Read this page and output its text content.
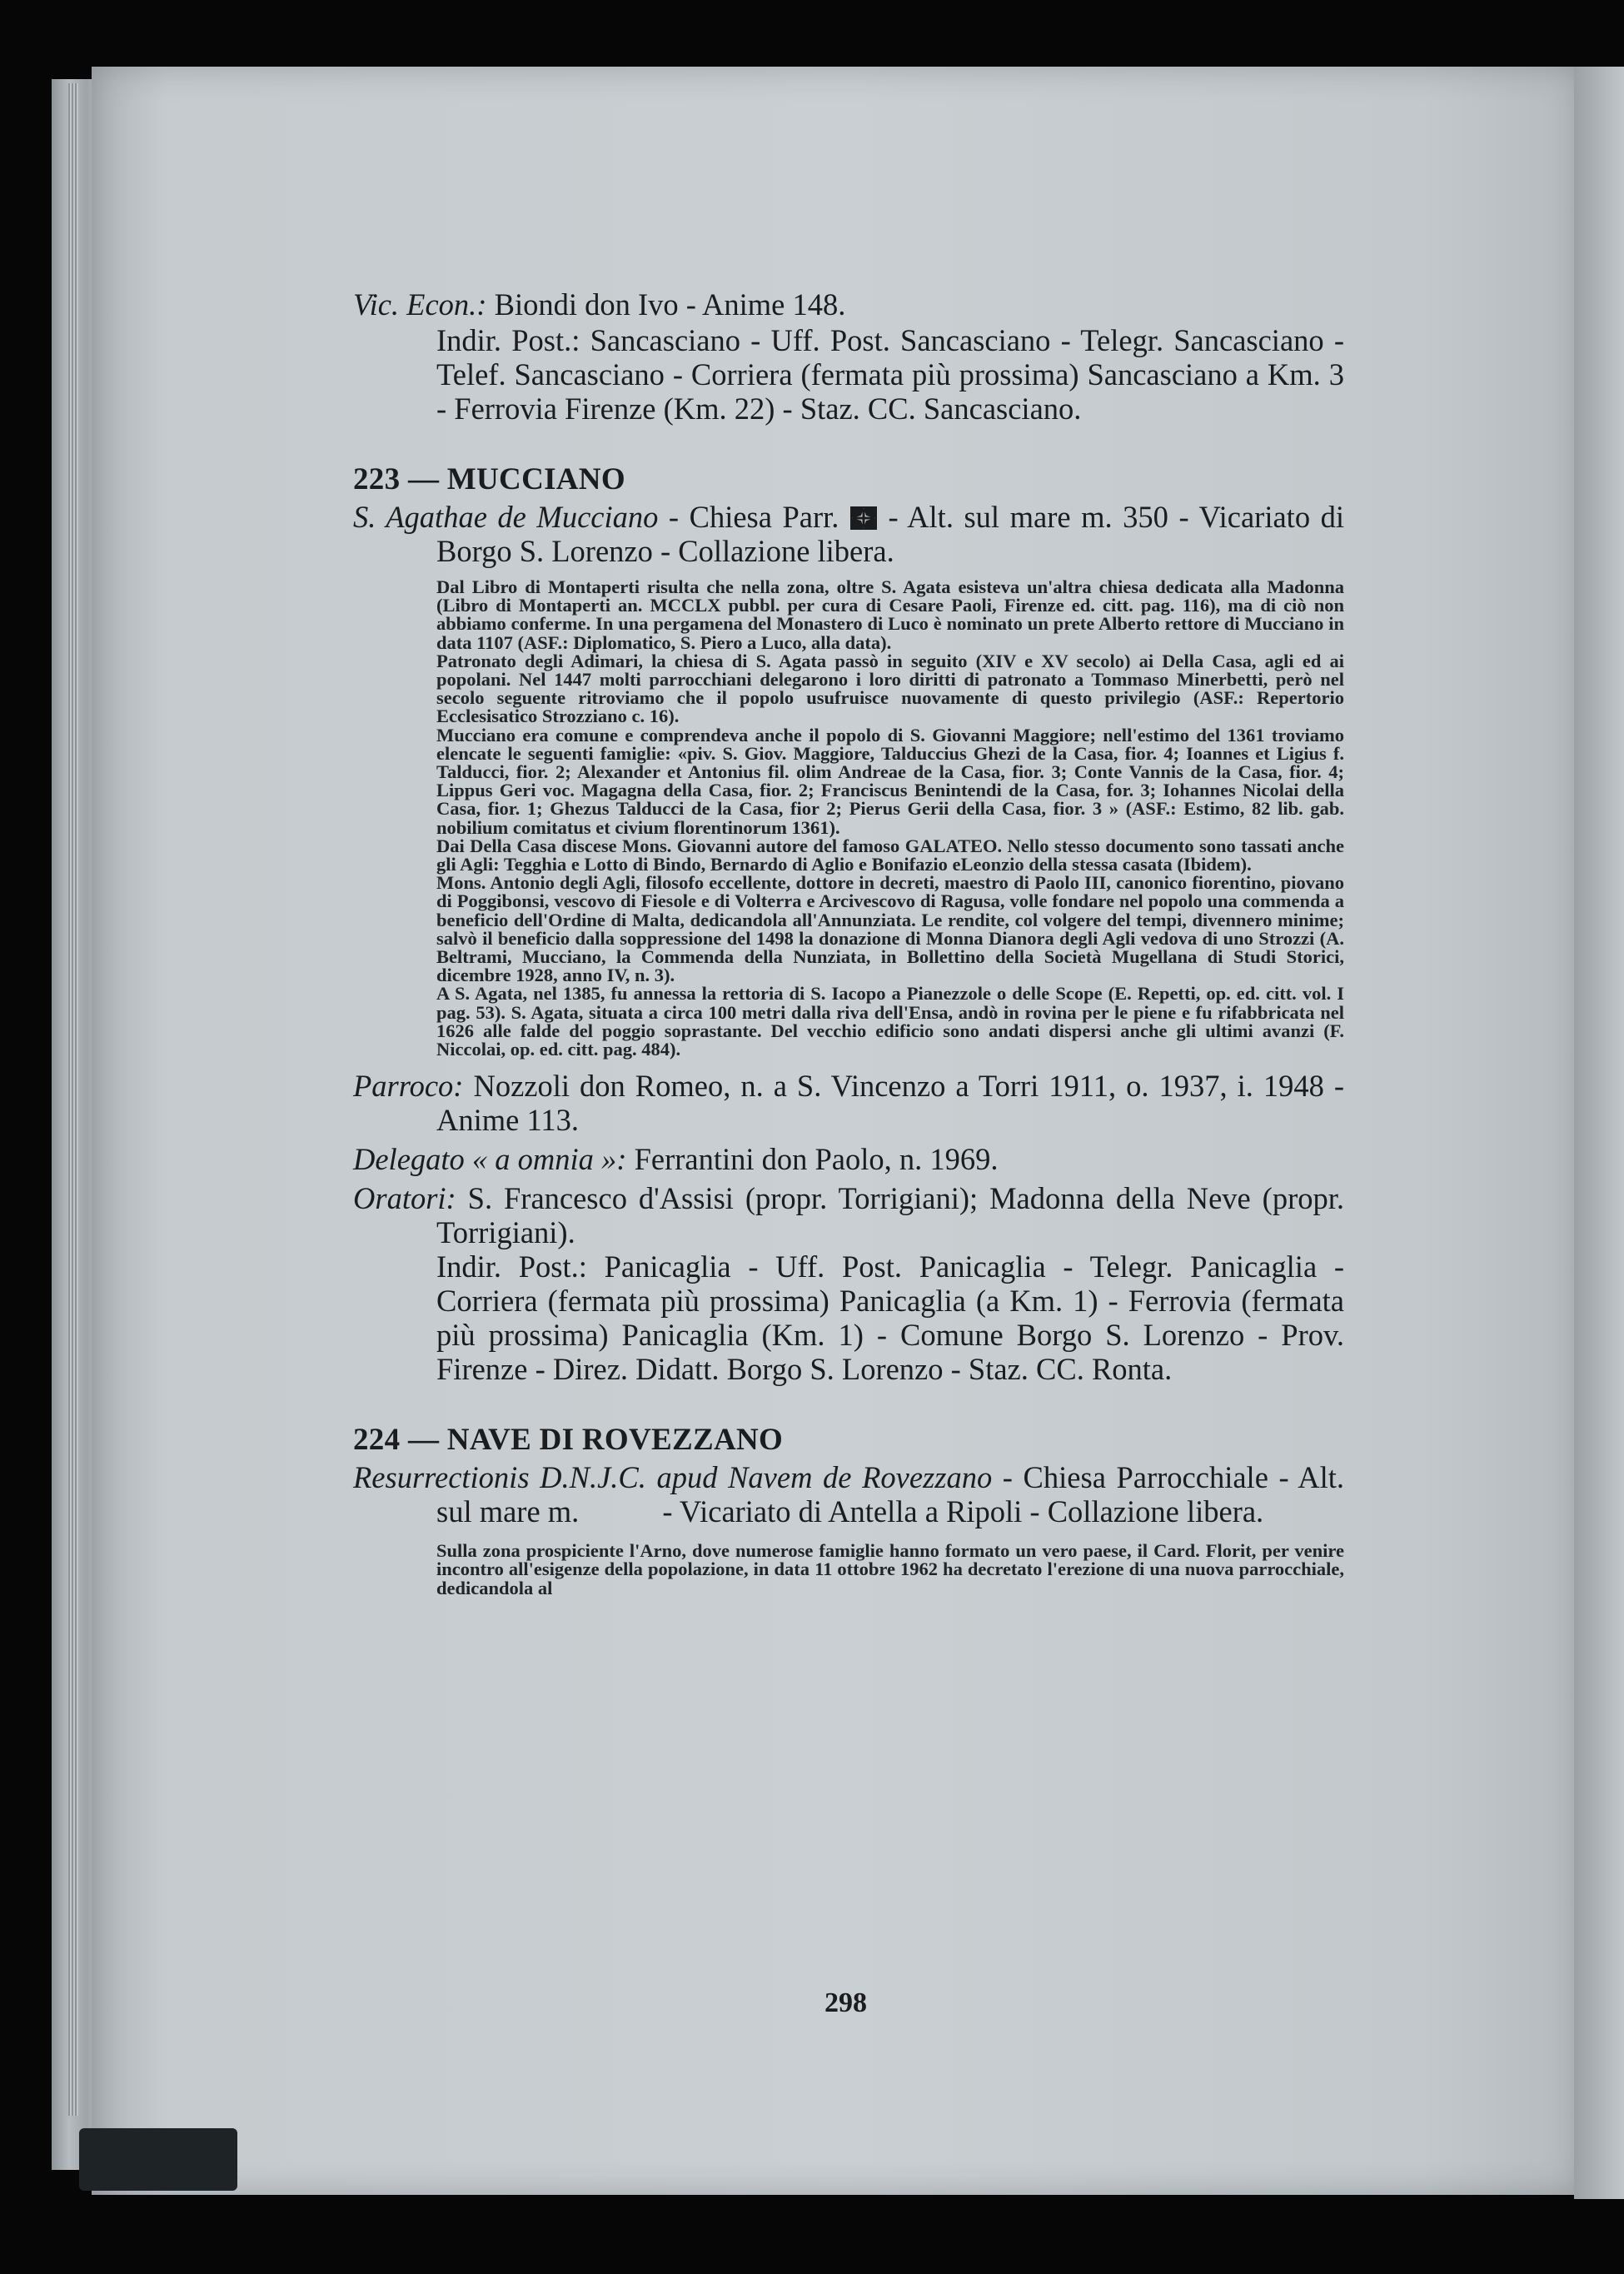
Vic. Econ.: Biondi don Ivo - Anime 148.

Indir. Post.: Sancasciano - Uff. Post. Sancasciano - Telegr. Sancasciano - Telef. Sancasciano - Corriera (fermata più prossima) Sancasciano a Km. 3 - Ferrovia Firenze (Km. 22) - Staz. CC. Sancasciano.

223 — MUCCIANO

S. Agathae de Mucciano - Chiesa Parr.  - Alt. sul mare m. 350 - Vicariato di Borgo S. Lorenzo - Collazione libera.

Dal Libro di Montaperti risulta che nella zona, oltre S. Agata esisteva un'altra chiesa dedicata alla Madonna (Libro di Montaperti an. MCCLX pubbl. per cura di Cesare Paoli, Firenze ed. citt. pag. 116), ma di ciò non abbiamo conferme. In una pergamena del Monastero di Luco è nominato un prete Alberto rettore di Mucciano in data 1107 (ASF.: Diplomatico, S. Piero a Luco, alla data).

Patronato degli Adimari, la chiesa di S. Agata passò in seguito (XIV e XV secolo) ai Della Casa, agli ed ai popolani. Nel 1447 molti parrocchiani delegarono i loro diritti di patronato a Tommaso Minerbetti, però nel secolo seguente ritroviamo che il popolo usufruisce nuovamente di questo privilegio (ASF.: Repertorio Ecclesisatico Strozziano c. 16).

Mucciano era comune e comprendeva anche il popolo di S. Giovanni Maggiore; nell'estimo del 1361 troviamo elencate le seguenti famiglie: «piv. S. Giov. Maggiore, Talduccius Ghezi de la Casa, fior. 4; Ioannes et Ligius f. Talducci, fior. 2; Alexander et Antonius fil. olim Andreae de la Casa, fior. 3; Conte Vannis de la Casa, fior. 4; Lippus Geri voc. Magagna della Casa, fior. 2; Franciscus Benintendi de la Casa, for. 3; Iohannes Nicolai della Casa, fior. 1; Ghezus Talducci de la Casa, fior 2; Pierus Gerii della Casa, fior. 3 » (ASF.: Estimo, 82 lib. gab. nobilium comitatus et civium florentinorum 1361).

Dai Della Casa discese Mons. Giovanni autore del famoso GALATEO. Nello stesso documento sono tassati anche gli Agli: Tegghia e Lotto di Bindo, Bernardo di Aglio e Bonifazio eLeonzio della stessa casata (Ibidem).

Mons. Antonio degli Agli, filosofo eccellente, dottore in decreti, maestro di Paolo III, canonico fiorentino, piovano di Poggibonsi, vescovo di Fiesole e di Volterra e Arcivescovo di Ragusa, volle fondare nel popolo una commenda a beneficio dell'Ordine di Malta, dedicandola all'Annunziata. Le rendite, col volgere del tempi, divennero minime; salvò il beneficio dalla soppressione del 1498 la donazione di Monna Dianora degli Agli vedova di uno Strozzi (A. Beltrami, Mucciano, la Commenda della Nunziata, in Bollettino della Società Mugellana di Studi Storici, dicembre 1928, anno IV, n. 3).

A S. Agata, nel 1385, fu annessa la rettoria di S. Iacopo a Pianezzole o delle Scope (E. Repetti, op. ed. citt. vol. I pag. 53). S. Agata, situata a circa 100 metri dalla riva dell'Ensa, andò in rovina per le piene e fu rifabbricata nel 1626 alle falde del poggio soprastante. Del vecchio edificio sono andati dispersi anche gli ultimi avanzi (F. Niccolai, op. ed. citt. pag. 484).

Parroco: Nozzoli don Romeo, n. a S. Vincenzo a Torri 1911, o. 1937, i. 1948 - Anime 113.

Delegato « a omnia »: Ferrantini don Paolo, n. 1969.

Oratori: S. Francesco d'Assisi (propr. Torrigiani); Madonna della Neve (propr. Torrigiani).

Indir. Post.: Panicaglia - Uff. Post. Panicaglia - Telegr. Panicaglia - Corriera (fermata più prossima) Panicaglia (a Km. 1) - Ferrovia (fermata più prossima) Panicaglia (Km. 1) - Comune Borgo S. Lorenzo - Prov. Firenze - Direz. Didatt. Borgo S. Lorenzo - Staz. CC. Ronta.

224 — NAVE DI ROVEZZANO

Resurrectionis D.N.J.C. apud Navem de Rovezzano - Chiesa Parrocchiale - Alt. sul mare m.	- Vicariato di Antella a Ripoli - Collazione libera.

Sulla zona prospiciente l'Arno, dove numerose famiglie hanno formato un vero paese, il Card. Florit, per venire incontro all'esigenze della popolazione, in data 11 ottobre 1962 ha decretato l'erezione di una nuova parrocchiale, dedicandola al

298
